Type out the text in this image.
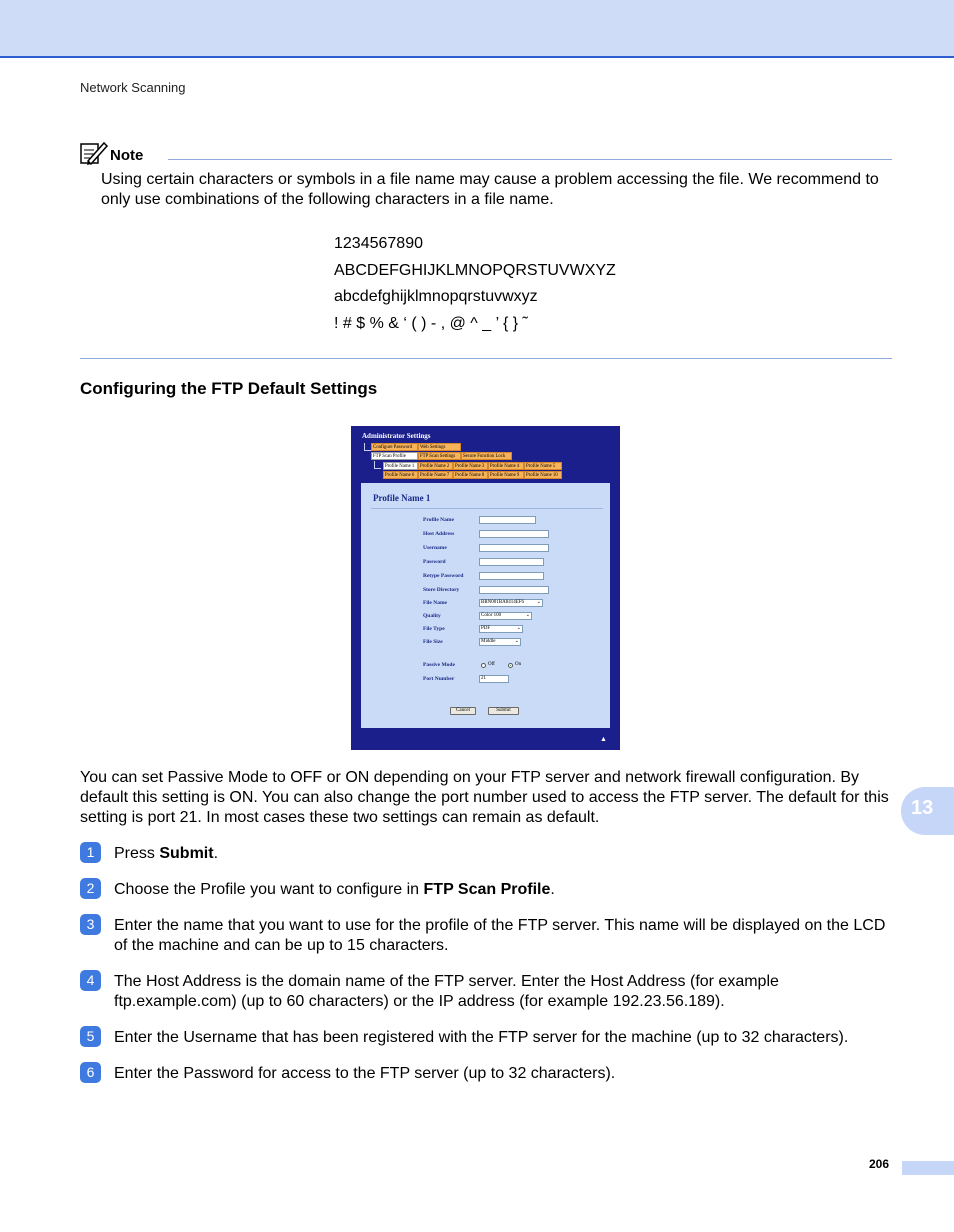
Network Scanning
Note
Using certain characters or symbols in a file name may cause a problem accessing the file. We recommend to only use combinations of the following characters in a file name.
1234567890
ABCDEFGHIJKLMNOPQRSTUVWXYZ
abcdefghijklmnopqrstuvwxyz
! # $ % & ‘ ( ) - , @ ^ _ ’ { } ˜
Configuring the FTP Default Settings
Administrator Settings
Configure Password	Web Settings
FTP Scan Profile	FTP Scan Settings	Secure Function Lock
Profile Name 1	Profile Name 2	Profile Name 3	Profile Name 4	Profile Name 5
Profile Name 6	Profile Name 7	Profile Name 8	Profile Name 9	Profile Name 10
Profile Name 1
Profile Name
Host Address
Username
Password
Retype Password
Store Directory
File Name	BRN001BA8414EF6	⌄
Quality	Color 100	⌄
File Type	PDF	⌄
File Size	Middle	⌄
Passive Mode	Off	On
Port Number	21
Cancel	Submit
▲
You can set Passive Mode to OFF or ON depending on your FTP server and network firewall configuration. By default this setting is ON. You can also change the port number used to access the FTP server. The default for this setting is port 21. In most cases these two settings can remain as default.	13
1	Press Submit.
2	Choose the Profile you want to configure in FTP Scan Profile.
3	Enter the name that you want to use for the profile of the FTP server. This name will be displayed on the LCD of the machine and can be up to 15 characters.
4	The Host Address is the domain name of the FTP server. Enter the Host Address (for example ftp.example.com) (up to 60 characters) or the IP address (for example 192.23.56.189).
5	Enter the Username that has been registered with the FTP server for the machine (up to 32 characters).
6	Enter the Password for access to the FTP server (up to 32 characters).
206
